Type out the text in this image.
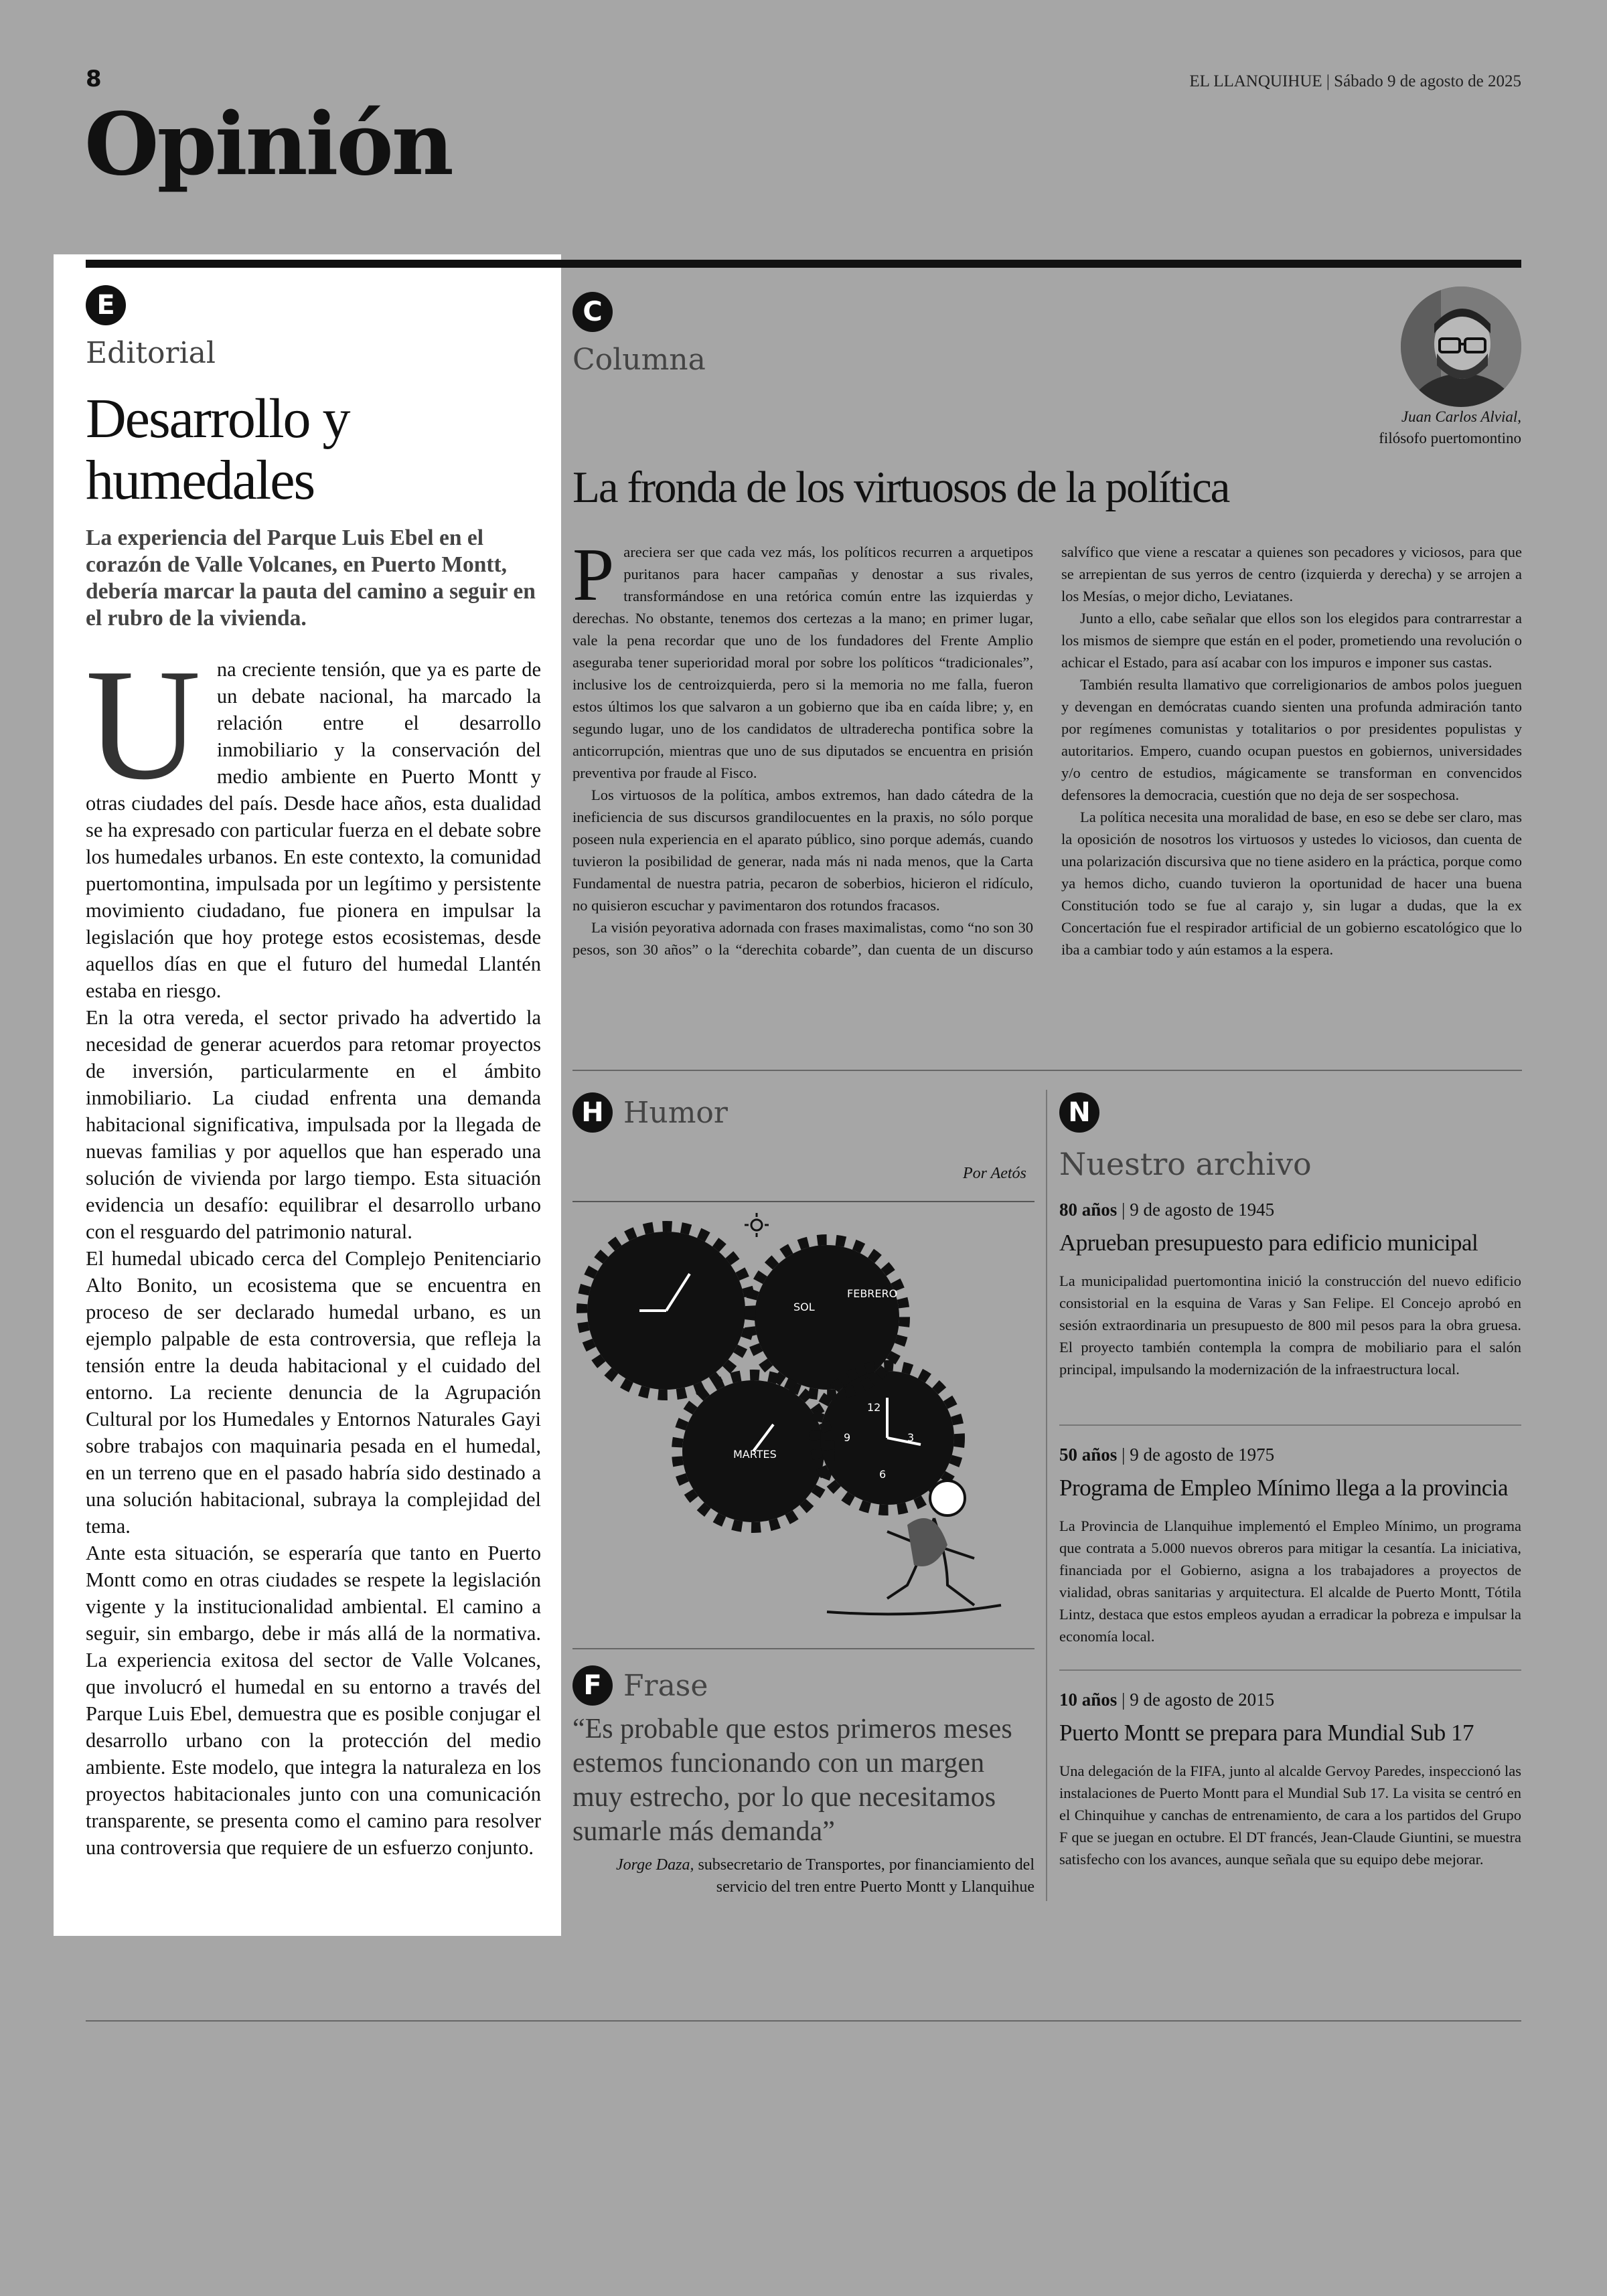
8	EL LLANQUIHUE | Sábado 9 de agosto de 2025
Opinión
E
Editorial
Desarrollo y humedales
La experiencia del Parque Luis Ebel en el corazón de Valle Volcanes, en Puerto Montt, debería marcar la pauta del camino a seguir en el rubro de la vivienda.

Una creciente tensión, que ya es parte de un debate nacional, ha marcado la relación entre el desarrollo inmobiliario y la conservación del medio ambiente en Puerto Montt y otras ciudades del país. Desde hace años, esta dualidad se ha expresado con particular fuerza en el debate sobre los humedales urbanos. En este contexto, la comunidad puertomontina, impulsada por un legítimo y persistente movimiento ciudadano, fue pionera en impulsar la legislación que hoy protege estos ecosistemas, desde aquellos días en que el futuro del humedal Llantén estaba en riesgo.

En la otra vereda, el sector privado ha advertido la necesidad de generar acuerdos para retomar proyectos de inversión, particularmente en el ámbito inmobiliario. La ciudad enfrenta una demanda habitacional significativa, impulsada por la llegada de nuevas familias y por aquellos que han esperado una solución de vivienda por largo tiempo. Esta situación evidencia un desafío: equilibrar el desarrollo urbano con el resguardo del patrimonio natural.

El humedal ubicado cerca del Complejo Penitenciario Alto Bonito, un ecosistema que se encuentra en proceso de ser declarado humedal urbano, es un ejemplo palpable de esta controversia, que refleja la tensión entre la deuda habitacional y el cuidado del entorno. La reciente denuncia de la Agrupación Cultural por los Humedales y Entornos Naturales Gayi sobre trabajos con maquinaria pesada en el humedal, en un terreno que en el pasado habría sido destinado a una solución habitacional, subraya la complejidad del tema.

Ante esta situación, se esperaría que tanto en Puerto Montt como en otras ciudades se respete la legislación vigente y la institucionalidad ambiental. El camino a seguir, sin embargo, debe ir más allá de la normativa. La experiencia exitosa del sector de Valle Volcanes, que involucró el humedal en su entorno a través del Parque Luis Ebel, demuestra que es posible conjugar el desarrollo urbano con la protección del medio ambiente. Este modelo, que integra la naturaleza en los proyectos habitacionales junto con una comunicación transparente, se presenta como el camino para resolver una controversia que requiere de un esfuerzo conjunto.

C
Columna
Juan Carlos Alvial,
filósofo puertomontino
La fronda de los virtuosos de la política

Pareciera ser que cada vez más, los políticos recurren a arquetipos puritanos para hacer campañas y denostar a sus rivales, transformándose en una retórica común entre las izquierdas y derechas. No obstante, tenemos dos certezas a la mano; en primer lugar, vale la pena recordar que uno de los fundadores del Frente Amplio aseguraba tener superioridad moral por sobre los políticos “tradicionales”, inclusive los de centroizquierda, pero si la memoria no me falla, fueron estos últimos los que salvaron a un gobierno que iba en caída libre; y, en segundo lugar, uno de los candidatos de ultraderecha pontifica sobre la anticorrupción, mientras que uno de sus diputados se encuentra en prisión preventiva por fraude al Fisco.

Los virtuosos de la política, ambos extremos, han dado cátedra de la ineficiencia de sus discursos grandilocuentes en la praxis, no sólo porque poseen nula experiencia en el aparato público, sino porque además, cuando tuvieron la posibilidad de generar, nada más ni nada menos, que la Carta Fundamental de nuestra patria, pecaron de soberbios, hicieron el ridículo, no quisieron escuchar y pavimentaron dos rotundos fracasos.

La visión peyorativa adornada con frases maximalistas, como “no son 30 pesos, son 30 años” o la “derechita cobarde”, dan cuenta de un discurso salvífico que viene a rescatar a quienes son pecadores y viciosos, para que se arrepientan de sus yerros de centro (izquierda y derecha) y se arrojen a los Mesías, o mejor dicho, Leviatanes.

Junto a ello, cabe señalar que ellos son los elegidos para contrarrestar a los mismos de siempre que están en el poder, prometiendo una revolución o achicar el Estado, para así acabar con los impuros e imponer sus castas.

También resulta llamativo que correligionarios de ambos polos jueguen y devengan en demócratas cuando sienten una profunda admiración tanto por regímenes comunistas y totalitarios o por presidentes populistas y autoritarios. Empero, cuando ocupan puestos en gobiernos, universidades y/o centro de estudios, mágicamente se transforman en convencidos defensores la democracia, cuestión que no deja de ser sospechosa.

La política necesita una moralidad de base, en eso se debe ser claro, mas la oposición de nosotros los virtuosos y ustedes lo viciosos, dan cuenta de una polarización discursiva que no tiene asidero en la práctica, porque como ya hemos dicho, cuando tuvieron la oportunidad de hacer una buena Constitución todo se fue al carajo y, sin lugar a dudas, que la ex Concertación fue el respirador artificial de un gobierno escatológico que lo iba a cambiar todo y aún estamos a la espera.

H Humor
Por Aetós
SOL
FEBRERO
MARTES
12
3
6
9
F Frase
“Es probable que estos primeros meses estemos funcionando con un margen muy estrecho, por lo que necesitamos sumarle más demanda”
Jorge Daza, subsecretario de Transportes, por financiamiento del servicio del tren entre Puerto Montt y Llanquihue
N
Nuestro archivo
80 años | 9 de agosto de 1945
Aprueban presupuesto para edificio municipal
La municipalidad puertomontina inició la construcción del nuevo edificio consistorial en la esquina de Varas y San Felipe. El Concejo aprobó en sesión extraordinaria un presupuesto de 800 mil pesos para la obra gruesa. El proyecto también contempla la compra de mobiliario para el salón principal, impulsando la modernización de la infraestructura local.
50 años | 9 de agosto de 1975
Programa de Empleo Mínimo llega a la provincia
La Provincia de Llanquihue implementó el Empleo Mínimo, un programa que contrata a 5.000 nuevos obreros para mitigar la cesantía. La iniciativa, financiada por el Gobierno, asigna a los trabajadores a proyectos de vialidad, obras sanitarias y arquitectura. El alcalde de Puerto Montt, Tótila Lintz, destaca que estos empleos ayudan a erradicar la pobreza e impulsar la economía local.
10 años | 9 de agosto de 2015
Puerto Montt se prepara para Mundial Sub 17
Una delegación de la FIFA, junto al alcalde Gervoy Paredes, inspeccionó las instalaciones de Puerto Montt para el Mundial Sub 17. La visita se centró en el Chinquihue y canchas de entrenamiento, de cara a los partidos del Grupo F que se juegan en octubre. El DT francés, Jean-Claude Giuntini, se muestra satisfecho con los avances, aunque señala que su equipo debe mejorar.
